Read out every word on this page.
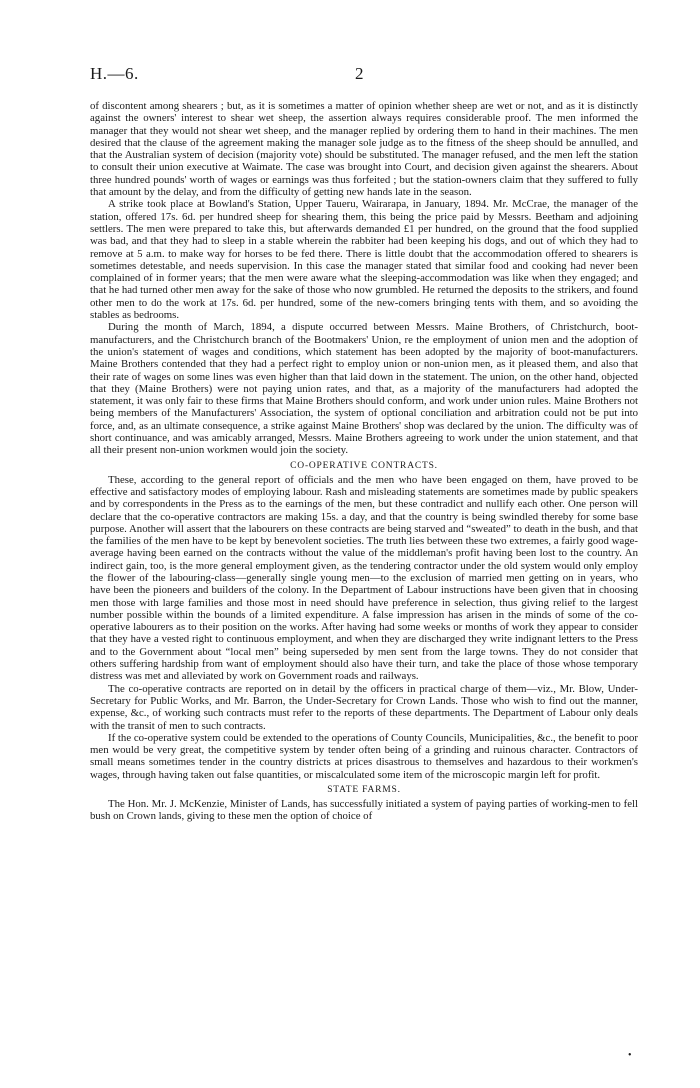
H.—6.	2

of discontent among shearers ; but, as it is sometimes a matter of opinion whether sheep are wet or not, and as it is distinctly against the owners' interest to shear wet sheep, the assertion always requires considerable proof. The men informed the manager that they would not shear wet sheep, and the manager replied by ordering them to hand in their machines. The men desired that the clause of the agreement making the manager sole judge as to the fitness of the sheep should be annulled, and that the Australian system of decision (majority vote) should be substituted. The manager refused, and the men left the station to consult their union executive at Waimate. The case was brought into Court, and decision given against the shearers. About three hundred pounds' worth of wages or earnings was thus forfeited ; but the station-owners claim that they suffered to fully that amount by the delay, and from the difficulty of getting new hands late in the season.

A strike took place at Bowland's Station, Upper Taueru, Wairarapa, in January, 1894. Mr. McCrae, the manager of the station, offered 17s. 6d. per hundred sheep for shearing them, this being the price paid by Messrs. Beetham and adjoining settlers. The men were prepared to take this, but afterwards demanded £1 per hundred, on the ground that the food supplied was bad, and that they had to sleep in a stable wherein the rabbiter had been keeping his dogs, and out of which they had to remove at 5 a.m. to make way for horses to be fed there. There is little doubt that the accommodation offered to shearers is sometimes detestable, and needs supervision. In this case the manager stated that similar food and cooking had never been complained of in former years; that the men were aware what the sleeping-accommodation was like when they engaged; and that he had turned other men away for the sake of those who now grumbled. He returned the deposits to the strikers, and found other men to do the work at 17s. 6d. per hundred, some of the new-comers bringing tents with them, and so avoiding the stables as bedrooms.

During the month of March, 1894, a dispute occurred between Messrs. Maine Brothers, of Christchurch, boot-manufacturers, and the Christchurch branch of the Bootmakers' Union, re the employment of union men and the adoption of the union's statement of wages and conditions, which statement has been adopted by the majority of boot-manufacturers. Maine Brothers contended that they had a perfect right to employ union or non-union men, as it pleased them, and also that their rate of wages on some lines was even higher than that laid down in the statement. The union, on the other hand, objected that they (Maine Brothers) were not paying union rates, and that, as a majority of the manufacturers had adopted the statement, it was only fair to these firms that Maine Brothers should conform, and work under union rules. Maine Brothers not being members of the Manufacturers' Association, the system of optional conciliation and arbitration could not be put into force, and, as an ultimate consequence, a strike against Maine Brothers' shop was declared by the union. The difficulty was of short continuance, and was amicably arranged, Messrs. Maine Brothers agreeing to work under the union statement, and that all their present non-union workmen would join the society.

CO-OPERATIVE CONTRACTS.

These, according to the general report of officials and the men who have been engaged on them, have proved to be effective and satisfactory modes of employing labour. Rash and misleading statements are sometimes made by public speakers and by correspondents in the Press as to the earnings of the men, but these contradict and nullify each other. One person will declare that the co-operative contractors are making 15s. a day, and that the country is being swindled thereby for some base purpose. Another will assert that the labourers on these contracts are being starved and “sweated” to death in the bush, and that the families of the men have to be kept by benevolent societies. The truth lies between these two extremes, a fairly good wage-average having been earned on the contracts without the value of the middleman's profit having been lost to the country. An indirect gain, too, is the more general employment given, as the tendering contractor under the old system would only employ the flower of the labouring-class—generally single young men—to the exclusion of married men getting on in years, who have been the pioneers and builders of the colony. In the Department of Labour instructions have been given that in choosing men those with large families and those most in need should have preference in selection, thus giving relief to the largest number possible within the bounds of a limited expenditure. A false impression has arisen in the minds of some of the co-operative labourers as to their position on the works. After having had some weeks or months of work they appear to consider that they have a vested right to continuous employment, and when they are discharged they write indignant letters to the Press and to the Government about “local men” being superseded by men sent from the large towns. They do not consider that others suffering hardship from want of employment should also have their turn, and take the place of those whose temporary distress was met and alleviated by work on Government roads and railways.

The co-operative contracts are reported on in detail by the officers in practical charge of them—viz., Mr. Blow, Under-Secretary for Public Works, and Mr. Barron, the Under-Secretary for Crown Lands. Those who wish to find out the manner, expense, &c., of working such contracts must refer to the reports of these departments. The Department of Labour only deals with the transit of men to such contracts.

If the co-operative system could be extended to the operations of County Councils, Municipalities, &c., the benefit to poor men would be very great, the competitive system by tender often being of a grinding and ruinous character. Contractors of small means sometimes tender in the country districts at prices disastrous to themselves and hazardous to their workmen's wages, through having taken out false quantities, or miscalculated some item of the microscopic margin left for profit.

STATE FARMS.

The Hon. Mr. J. McKenzie, Minister of Lands, has successfully initiated a system of paying parties of working-men to fell bush on Crown lands, giving to these men the option of choice of

•
